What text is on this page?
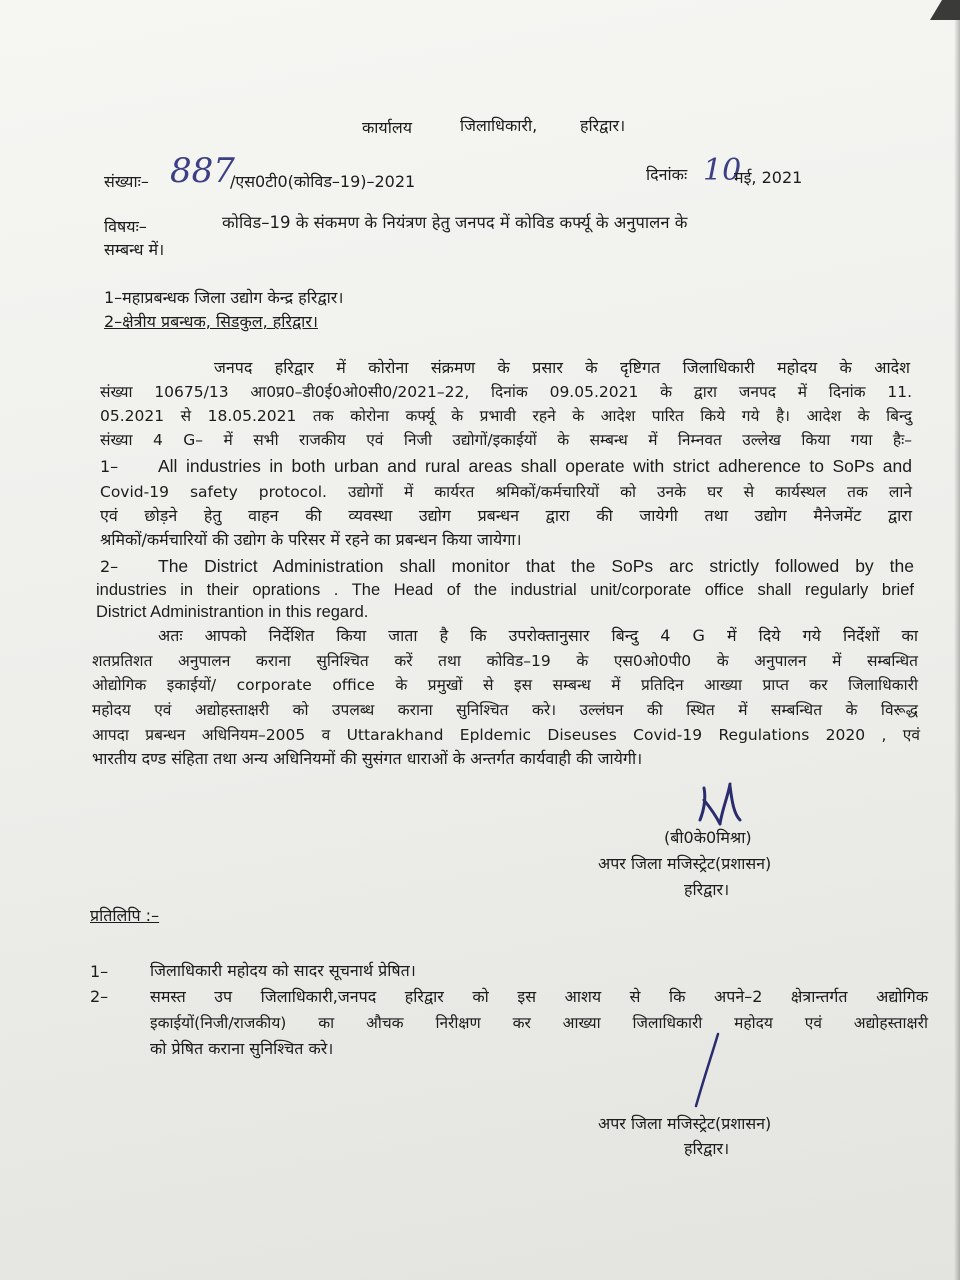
कार्यालय	जिलाधिकारी,	हरिद्वार।
संख्याः– 887
/एस0टी0(कोविड–19)–2021	दिनांकः 10
मई, 2021
विषयः–	कोविड–19 के संकमण के नियंत्रण हेतु जनपद में कोविड कर्फ्यू के अनुपालन के
सम्बन्ध में।
1–महाप्रबन्धक जिला उद्योग केन्द्र हरिद्वार।
2–क्षेत्रीय प्रबन्धक, सिडकुल, हरिद्वार।
जनपद हरिद्वार में कोरोना संक्रमण के प्रसार के दृष्टिगत जिलाधिकारी महोदय के आदेश
संख्या 10675/13 आ0प्र0–डी0ई0ओ0सी0/2021–22, दिनांक 09.05.2021 के द्वारा जनपद में दिनांक 11.
05.2021 से 18.05.2021 तक कोरोना कर्फ्यू के प्रभावी रहने के आदेश पारित किये गये है। आदेश के बिन्दु
संख्या 4 G– में सभी राजकीय एवं निजी उद्योगों/इकाईयों के सम्बन्ध में निम्नवत उल्लेख किया गया हैः–
1– All industries in both urban and rural areas shall operate with strict adherence to SoPs and
Covid-19 safety protocol. उद्योगों में कार्यरत श्रमिकों/कर्मचारियों को उनके घर से कार्यस्थल तक लाने
एवं छोड़ने हेतु वाहन की व्यवस्था उद्योग प्रबन्धन द्वारा की जायेगी तथा उद्योग मैनेजमेंट द्वारा
श्रमिकों/कर्मचारियों की उद्योग के परिसर में रहने का प्रबन्धन किया जायेगा।
2– The District Administration shall monitor that the SoPs arc strictly followed by the
industries in their oprations . The Head of the industrial unit/corporate office shall regularly brief
District Administrantion in this regard.
अतः आपको निर्देशित किया जाता है कि उपरोक्तानुसार बिन्दु 4 G में दिये गये निर्देशों का
शतप्रतिशत अनुपालन कराना सुनिश्चित करें तथा कोविड–19 के एस0ओ0पी0 के अनुपालन में सम्बन्धित
ओद्योगिक इकाईयों/ corporate office के प्रमुखों से इस सम्बन्ध में प्रतिदिन आख्या प्राप्त कर जिलाधिकारी
महोदय एवं अद्योहस्ताक्षरी को उपलब्ध कराना सुनिश्चित करे। उल्लंघन की स्थित में सम्बन्धित के विरूद्ध
आपदा प्रबन्धन अधिनियम–2005 व Uttarakhand Epldemic Diseuses Covid-19 Regulations 2020 , एवं
भारतीय दण्ड संहिता तथा अन्य अधिनियमों की सुसंगत धाराओं के अन्तर्गत कार्यवाही की जायेगी।
(बी0के0मिश्रा)
अपर जिला मजिस्ट्रेट(प्रशासन)
हरिद्वार।
प्रतिलिपि :–
1–	जिलाधिकारी महोदय को सादर सूचनार्थ प्रेषित।
2–	समस्त उप जिलाधिकारी,जनपद हरिद्वार को इस आशय से कि अपने–2 क्षेत्रान्तर्गत अद्योगिक
इकाईयों(निजी/राजकीय) का औचक निरीक्षण कर आख्या जिलाधिकारी महोदय एवं अद्योहस्ताक्षरी
को प्रेषित कराना सुनिश्चित करे।
अपर जिला मजिस्ट्रेट(प्रशासन)
हरिद्वार।
